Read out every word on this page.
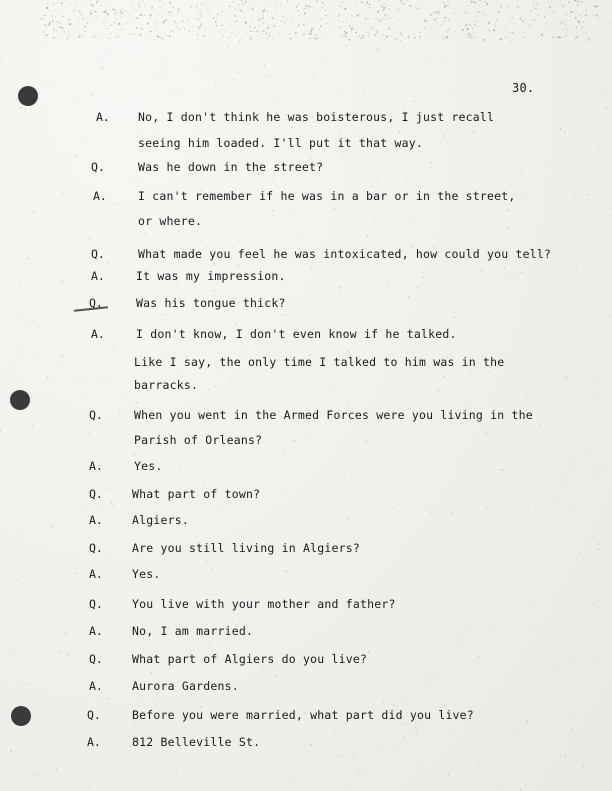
30.
A.	No, I don't think he was boisterous, I just recall
seeing him loaded. I'll put it that way.
Q.	Was he down in the street?
A.	I can't remember if he was in a bar or in the street,
or where.
Q.	What made you feel he was intoxicated, how could you tell?
A.	It was my impression.
Q.	Was his tongue thick?
A.	I don't know, I don't even know if he talked.
Like I say, the only time I talked to him was in the
barracks.
Q.	When you went in the Armed Forces were you living in the
Parish of Orleans?
A.	Yes.
Q.	What part of town?
A.	Algiers.
Q.	Are you still living in Algiers?
A.	Yes.
Q.	You live with your mother and father?
A.	No, I am married.
Q.	What part of Algiers do you live?
A.	Aurora Gardens.
Q.	Before you were married, what part did you live?
A.	812 Belleville St.
